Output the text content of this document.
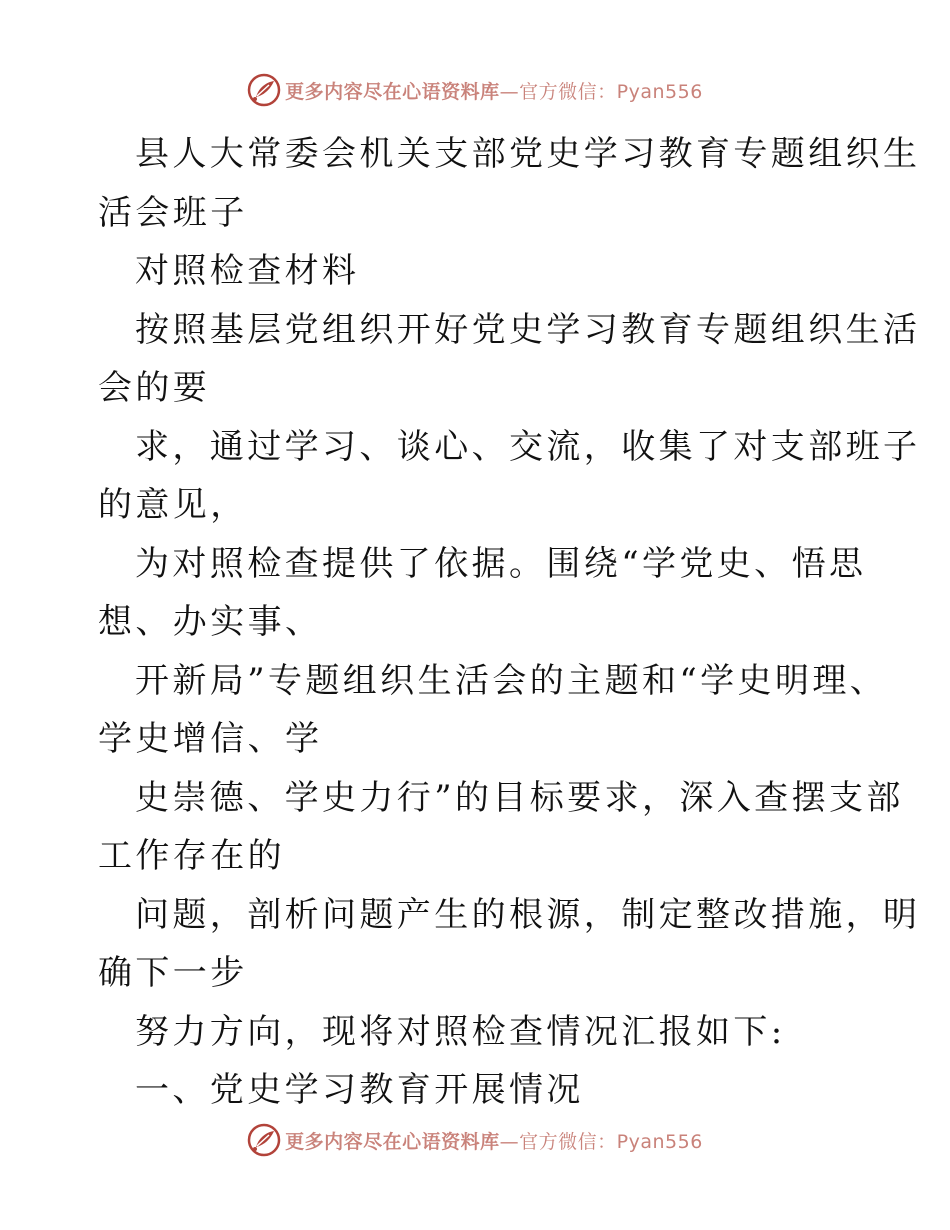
更多内容尽在心语资料库—官方微信：Pyan556
县人大常委会机关支部党史学习教育专题组织生
活会班子
对照检查材料
按照基层党组织开好党史学习教育专题组织生活
会的要
求，通过学习、谈心、交流，收集了对支部班子
的意见，
为对照检查提供了依据。围绕“学党史、悟思
想、办实事、
开新局”专题组织生活会的主题和“学史明理、
学史增信、学
史崇德、学史力行”的目标要求，深入查摆支部
工作存在的
问题，剖析问题产生的根源，制定整改措施，明
确下一步
努力方向，现将对照检查情况汇报如下:
一、党史学习教育开展情况
更多内容尽在心语资料库—官方微信：Pyan556
